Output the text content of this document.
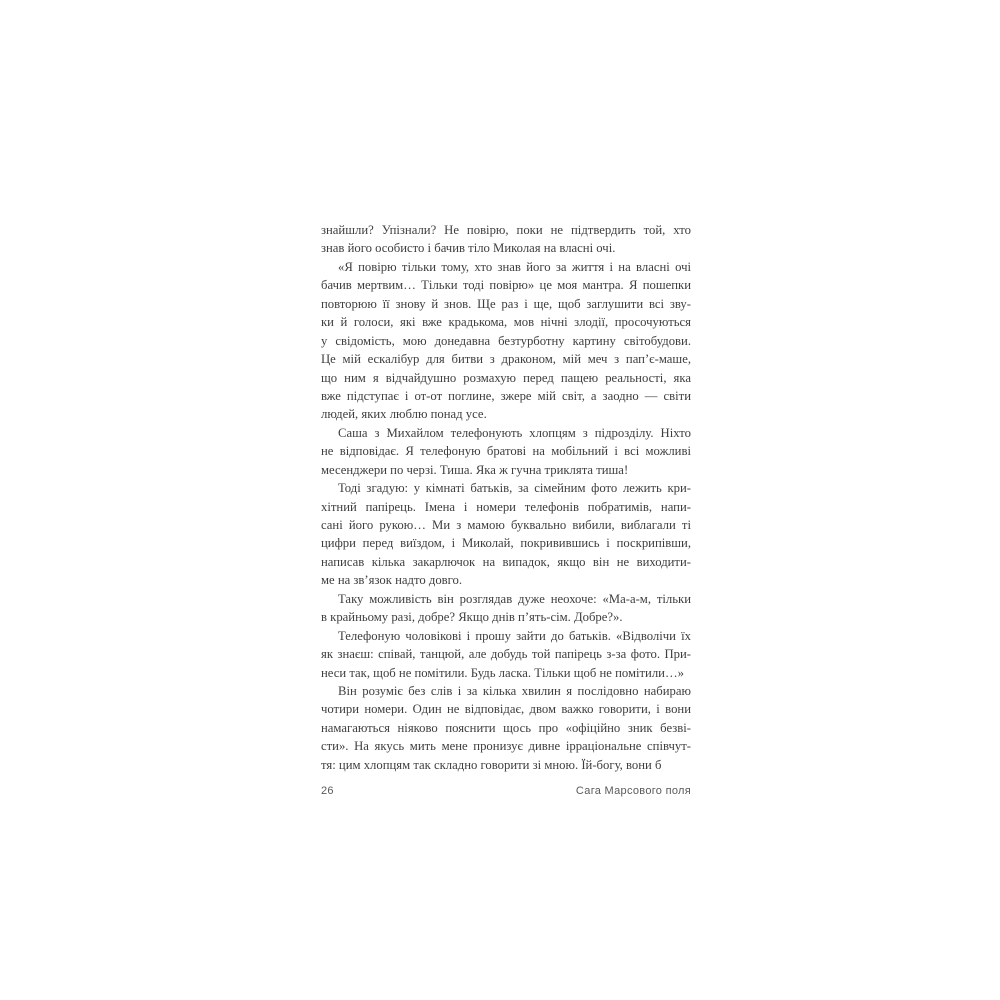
знайшли? Упізнали? Не повірю, поки не підтвердить той, хто
знав його особисто і бачив тіло Миколая на власні очі.
«Я повірю тільки тому, хто знав його за життя і на власні очі
бачив мертвим… Тільки тоді повірю» це моя мантра. Я пошепки
повторюю її знову й знов. Ще раз і ще, щоб заглушити всі зву-
ки й голоси, які вже крадькома, мов нічні злодії, просочуються
у свідомість, мою донедавна безтурботну картину світобудови.
Це мій ескалібур для битви з драконом, мій меч з пап’є-маше,
що ним я відчайдушно розмахую перед пащею реальності, яка
вже підступає і от-от поглине, зжере мій світ, а заодно — світи
людей, яких люблю понад усе.
Саша з Михайлом телефонують хлопцям з підрозділу. Ніхто
не відповідає. Я телефоную братові на мобільний і всі можливі
месенджери по черзі. Тиша. Яка ж гучна триклята тиша!
Тоді згадую: у кімнаті батьків, за сімейним фото лежить кри-
хітний папірець. Імена і номери телефонів побратимів, напи-
сані його рукою… Ми з мамою буквально вибили, виблагали ті
цифри перед виїздом, і Миколай, покривившись і поскрипівши,
написав кілька закарлючок на випадок, якщо він не виходити-
ме на зв’язок надто довго.
Таку можливість він розглядав дуже неохоче: «Ма-а-м, тільки
в крайньому разі, добре? Якщо днів п’ять-сім. Добре?».
Телефоную чоловікові і прошу зайти до батьків. «Відволічи їх
як знаєш: співай, танцюй, але добудь той папірець з-за фото. При-
неси так, щоб не помітили. Будь ласка. Тільки щоб не помітили…»
Він розуміє без слів і за кілька хвилин я послідовно набираю
чотири номери. Один не відповідає, двом важко говорити, і вони
намагаються ніяково пояснити щось про «офіційно зник безві-
сти». На якусь мить мене пронизує дивне ірраціональне співчут-
тя: цим хлопцям так складно говорити зі мною. Їй-богу, вони б
26	Сага Марсового поля
